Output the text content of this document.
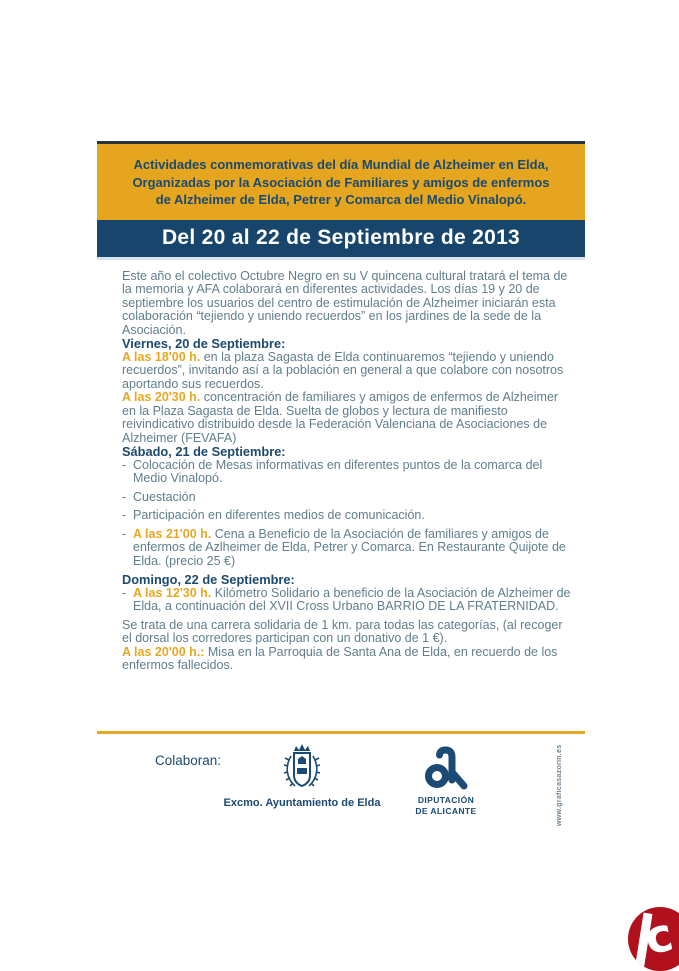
Actividades conmemorativas del día Mundial de Alzheimer en Elda,
Organizadas por la Asociación de Familiares y amigos de enfermos
de Alzheimer de Elda, Petrer y Comarca del Medio Vinalopó.
Del 20 al 22 de Septiembre de 2013

Este año el colectivo Octubre Negro en su V quincena cultural tratará el tema de la memoria y AFA colaborará en diferentes actividades. Los días 19 y 20 de septiembre los usuarios del centro de estimulación de Alzheimer iniciarán esta colaboración “tejiendo y uniendo recuerdos” en los jardines de la sede de la Asociación.

Viernes, 20 de Septiembre:

A las 18'00 h. en la plaza Sagasta de Elda continuaremos “tejiendo y uniendo recuerdos”, invitando así a la población en general a que colabore con nosotros aportando sus recuerdos.

A las 20'30 h. concentración de familiares y amigos de enfermos de Alzheimer en la Plaza Sagasta de Elda. Suelta de globos y lectura de manifiesto reivindicativo distribuido desde la Federación Valenciana de Asociaciones de Alzheimer (FEVAFA)

Sábado, 21 de Septiembre:

- Colocación de Mesas informativas en diferentes puntos de la comarca del Medio Vinalopó.
- Cuestación
- Participación en diferentes medios de comunicación.
- A las 21'00 h. Cena a Beneficio de la Asociación de familiares y amigos de enfermos de Azlheimer de Elda, Petrer y Comarca. En Restaurante Quijote de Elda. (precio 25 €)

Domingo, 22 de Septiembre:

- A las 12'30 h. Kilómetro Solidario a beneficio de la Asociación de Alzheimer de Elda, a continuación del XVII Cross Urbano BARRIO DE LA FRATERNIDAD.

Se trata de una carrera solidaria de 1 km. para todas las categorías, (al recoger el dorsal los corredores participan con un donativo de 1 €).

A las 20'00 h.: Misa en la Parroquia de Santa Ana de Elda, en recuerdo de los enfermos fallecidos.

Colaboran:
Excmo. Ayuntamiento de Elda	DIPUTACIÓN
DE ALICANTE	www.graficasazorin.es
c
